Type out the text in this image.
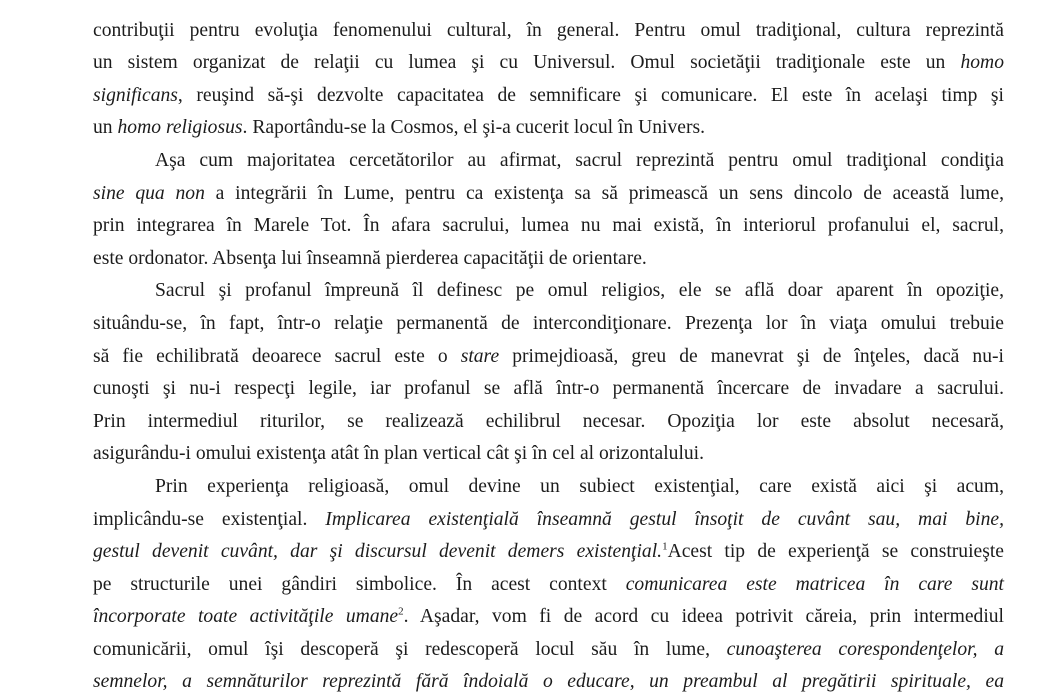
contribuţii pentru evoluţia fenomenului cultural, în general. Pentru omul tradiţional, cultura reprezintă
un sistem organizat de relaţii cu lumea şi cu Universul. Omul societăţii tradiţionale este un homo
significans, reuşind să-şi dezvolte capacitatea de semnificare şi comunicare. El este în acelaşi timp şi
un homo religiosus. Raportându-se la Cosmos, el şi-a cucerit locul în Univers.
Aşa cum majoritatea cercetătorilor au afirmat, sacrul reprezintă pentru omul tradiţional condiţia
sine qua non a integrării în Lume, pentru ca existenţa sa să primească un sens dincolo de această lume,
prin integrarea în Marele Tot. În afara sacrului, lumea nu mai există, în interiorul profanului el, sacrul,
este ordonator. Absenţa lui înseamnă pierderea capacităţii de orientare.
Sacrul şi profanul împreună îl definesc pe omul religios, ele se află doar aparent în opoziţie,
situându-se, în fapt, într-o relaţie permanentă de intercondiţionare. Prezenţa lor în viaţa omului trebuie
să fie echilibrată deoarece sacrul este o stare primejdioasă, greu de manevrat şi de înţeles, dacă nu-i
cunoşti şi nu-i respecţi legile, iar profanul se află într-o permanentă încercare de invadare a sacrului.
Prin intermediul riturilor, se realizează echilibrul necesar. Opoziţia lor este absolut necesară,
asigurându-i omului existenţa atât în plan vertical cât şi în cel al orizontalului.
Prin experienţa religioasă, omul devine un subiect existenţial, care există aici şi acum,
implicându-se existenţial. Implicarea existenţială înseamnă gestul însoţit de cuvânt sau, mai bine,
gestul devenit cuvânt, dar şi discursul devenit demers existenţial.$^1$Acest tip de experienţă se construieşte
pe structurile unei gândiri simbolice. În acest context comunicarea este matricea în care sunt
încorporate toate activităţile umane$^2$. Aşadar, vom fi de acord cu ideea potrivit căreia, prin intermediul
comunicării, omul îşi descoperă şi redescoperă locul său în lume, cunoaşterea corespondenţelor, a
semnelor, a semnăturilor reprezintă fără îndoială o educare, un preambul al pregătirii spirituale, ea
